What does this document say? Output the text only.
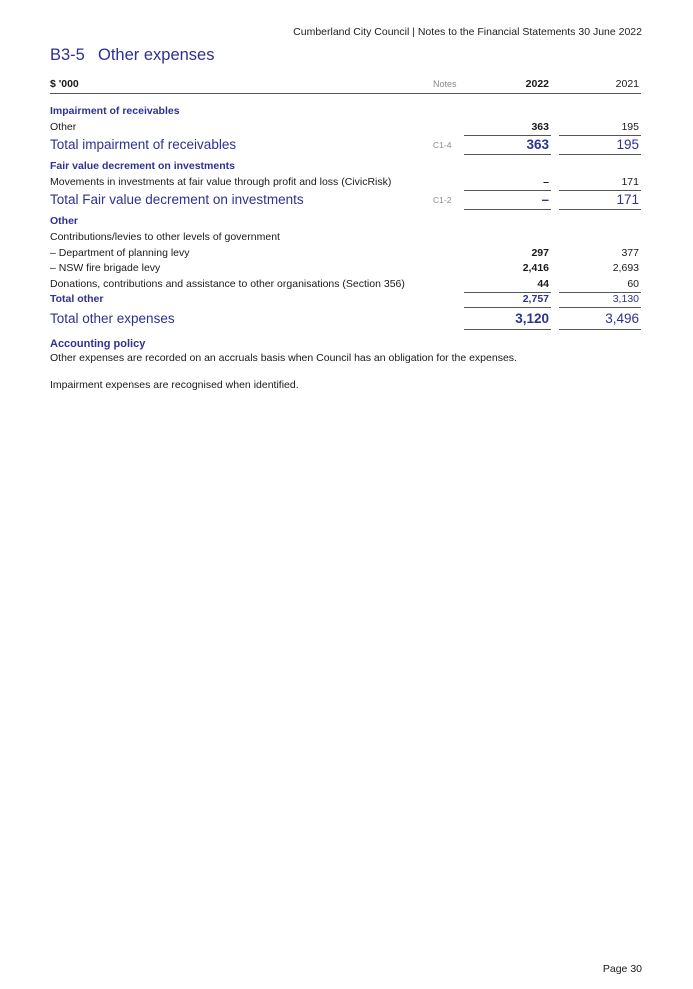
Cumberland City Council | Notes to the Financial Statements 30 June 2022
B3-5 Other expenses
$ '000	Notes	2022	2021
Impairment of receivables
Other	363	195
Total impairment of receivables	C1-4	363	195
Fair value decrement on investments
Movements in investments at fair value through profit and loss (CivicRisk)	–	171
Total Fair value decrement on investments	C1-2	–	171
Other
Contributions/levies to other levels of government
– Department of planning levy	297	377
– NSW fire brigade levy	2,416	2,693
Donations, contributions and assistance to other organisations (Section 356)	44	60
Total other	2,757	3,130
Total other expenses	3,120	3,496
Accounting policy

Other expenses are recorded on an accruals basis when Council has an obligation for the expenses.

Impairment expenses are recognised when identified.

Page 30
